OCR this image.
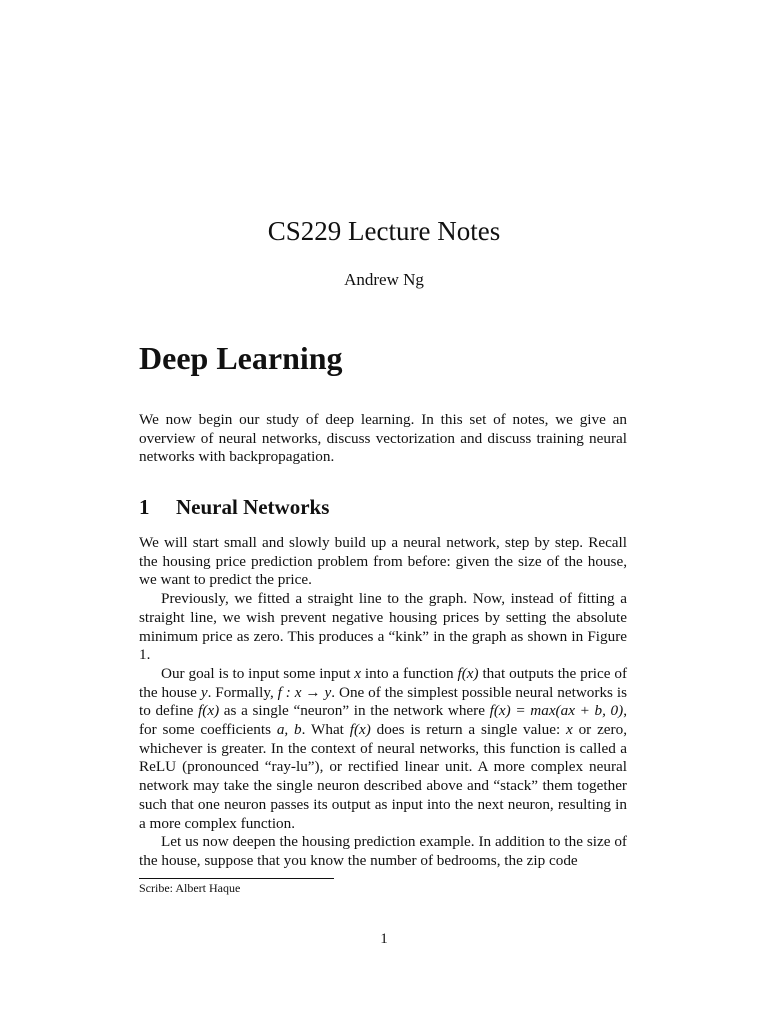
CS229 Lecture Notes
Andrew Ng
Deep Learning

We now begin our study of deep learning. In this set of notes, we give an overview of neural networks, discuss vectorization and discuss training neural networks with backpropagation.

1 Neural Networks
We will start small and slowly build up a neural network, step by step. Recall the housing price prediction problem from before: given the size of the house, we want to predict the price.
Previously, we fitted a straight line to the graph. Now, instead of fitting a straight line, we wish prevent negative housing prices by setting the absolute minimum price as zero. This produces a “kink” in the graph as shown in Figure 1.
Our goal is to input some input x into a function f(x) that outputs the price of the house y. Formally, f : x → y. One of the simplest possible neural networks is to define f(x) as a single “neuron” in the network where f(x) = max(ax + b, 0), for some coefficients a, b. What f(x) does is return a single value: x or zero, whichever is greater. In the context of neural networks, this function is called a ReLU (pronounced “ray-lu”), or rectified linear unit. A more complex neural network may take the single neuron described above and “stack” them together such that one neuron passes its output as input into the next neuron, resulting in a more complex function.
Let us now deepen the housing prediction example. In addition to the size of the house, suppose that you know the number of bedrooms, the zip code
Scribe: Albert Haque
1
